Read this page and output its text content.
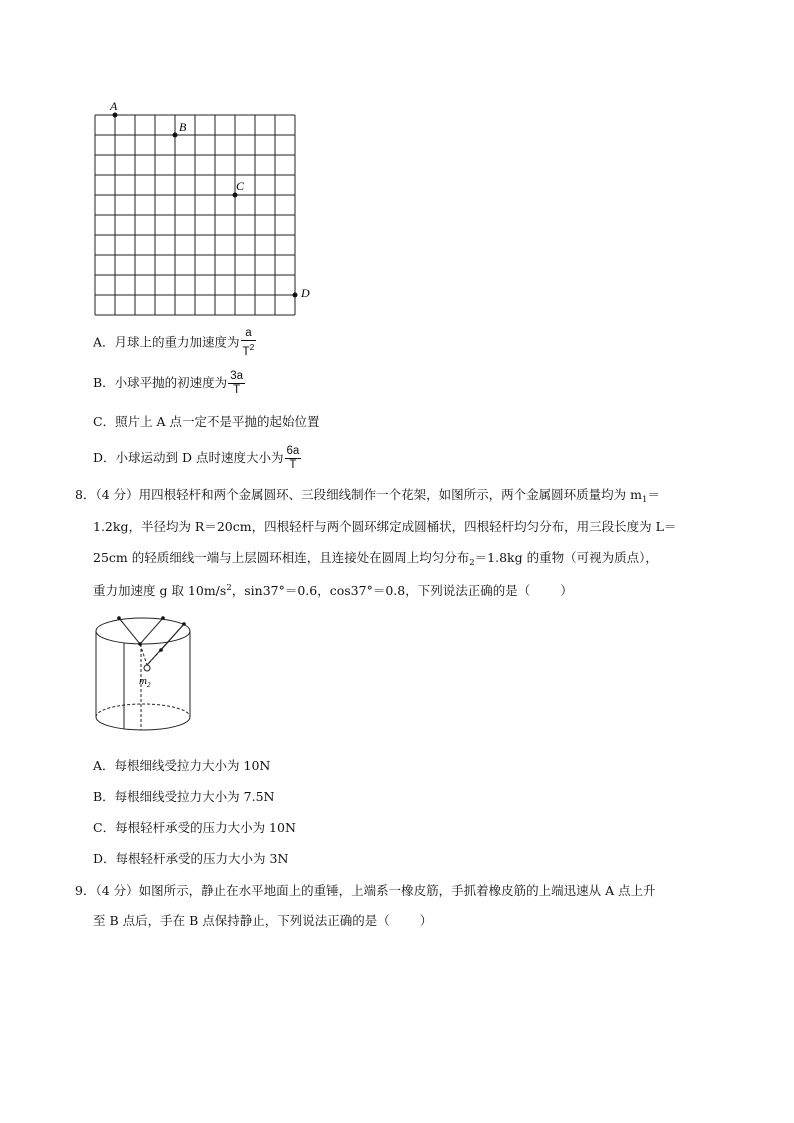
A
B
C
D
A．月球上的重力加速度为 $\frac{a}{T^2}$
B．小球平抛的初速度为 $\frac{3a}{T}$
C．照片上 A 点一定不是平抛的起始位置
D．小球运动到 D 点时速度大小为 $\frac{6a}{T}$
8．（4 分）用四根轻杆和两个金属圆环、三段细线制作一个花架，如图所示，两个金属圆环质量均为 $m_1=$
1.2kg，半径均为 R＝20cm，四根轻杆与两个圆环绑定成圆桶状，四根轻杆均匀分布，用三段长度为 L＝
25cm 的轻质细线一端与上层圆环相连，且连接处在圆周上均匀分布$_2$＝1.8kg 的重物（可视为质点），
重力加速度 g 取 $10m/s^2$，sin37°＝0.6，cos37°＝0.8，下列说法正确的是（ ）
$m_2$
A．每根细线受拉力大小为 10N
B．每根细线受拉力大小为 7.5N
C．每根轻杆承受的压力大小为 10N
D．每根轻杆承受的压力大小为 3N
9．（4 分）如图所示，静止在水平地面上的重锤，上端系一橡皮筋，手抓着橡皮筋的上端迅速从 A 点上升
至 B 点后，手在 B 点保持静止，下列说法正确的是（ ）
